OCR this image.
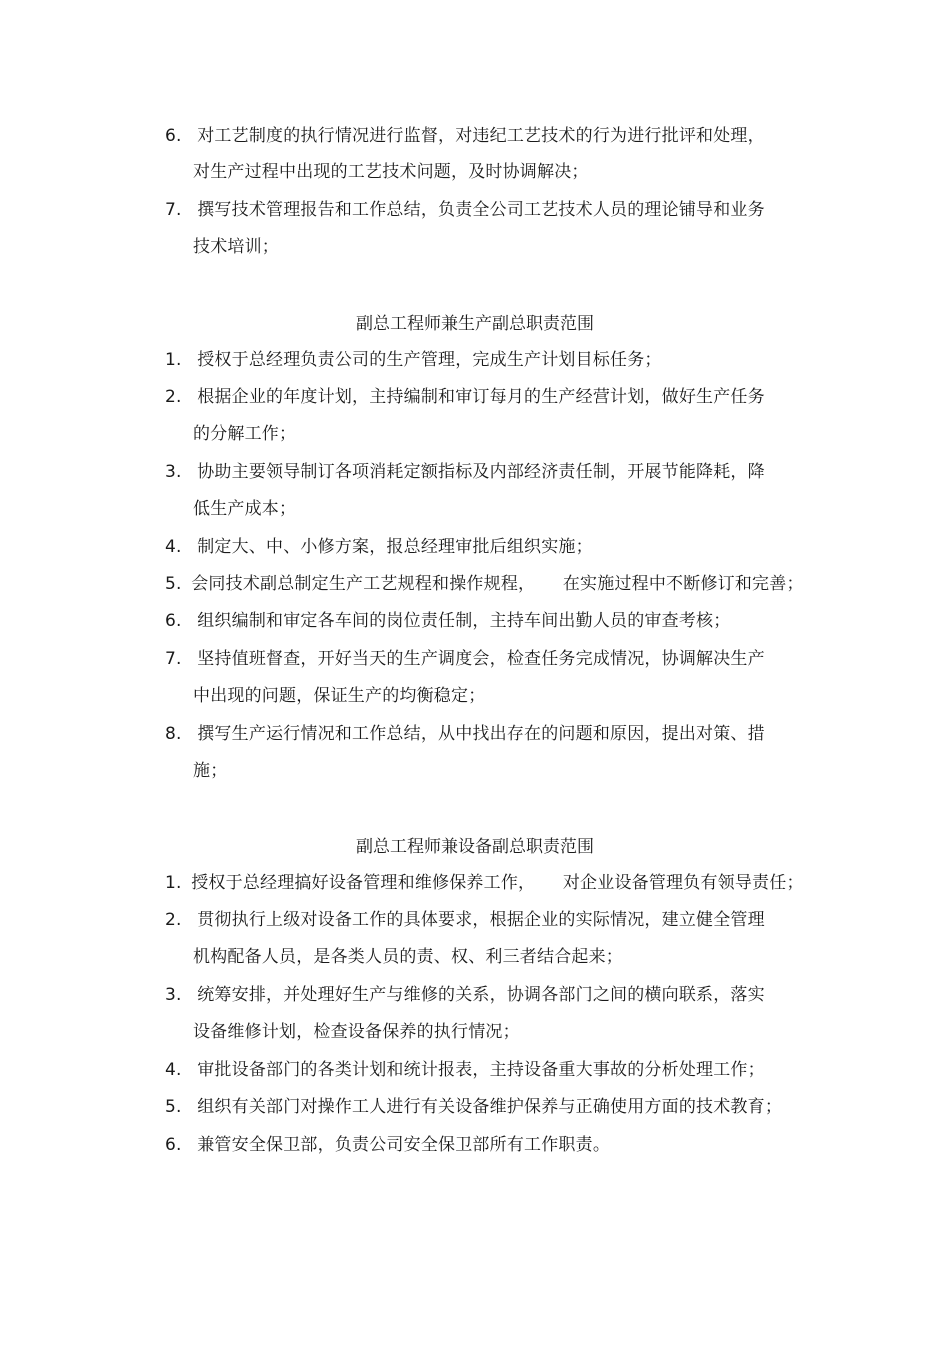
6. 对工艺制度的执行情况进行监督，对违纪工艺技术的行为进行批评和处理，
对生产过程中出现的工艺技术问题，及时协调解决；
7. 撰写技术管理报告和工作总结，负责全公司工艺技术人员的理论铺导和业务
技术培训；
副总工程师兼生产副总职责范围
1. 授权于总经理负责公司的生产管理，完成生产计划目标任务；
2. 根据企业的年度计划，主持编制和审订每月的生产经营计划，做好生产任务
的分解工作；
3. 协助主要领导制订各项消耗定额指标及内部经济责任制，开展节能降耗，降
低生产成本；
4. 制定大、中、小修方案，报总经理审批后组织实施；
5. 会同技术副总制定生产工艺规程和操作规程， 在实施过程中不断修订和完善；
6. 组织编制和审定各车间的岗位责任制，主持车间出勤人员的审查考核；
7. 坚持值班督查，开好当天的生产调度会，检查任务完成情况，协调解决生产
中出现的问题，保证生产的均衡稳定；
8. 撰写生产运行情况和工作总结，从中找出存在的问题和原因，提出对策、措
施；
副总工程师兼设备副总职责范围
1. 授权于总经理搞好设备管理和维修保养工作， 对企业设备管理负有领导责任；
2. 贯彻执行上级对设备工作的具体要求，根据企业的实际情况，建立健全管理
机构配备人员，是各类人员的责、权、利三者结合起来；
3. 统筹安排，并处理好生产与维修的关系，协调各部门之间的横向联系，落实
设备维修计划，检查设备保养的执行情况；
4. 审批设备部门的各类计划和统计报表，主持设备重大事故的分析处理工作；
5. 组织有关部门对操作工人进行有关设备维护保养与正确使用方面的技术教育；
6. 兼管安全保卫部，负责公司安全保卫部所有工作职责。
